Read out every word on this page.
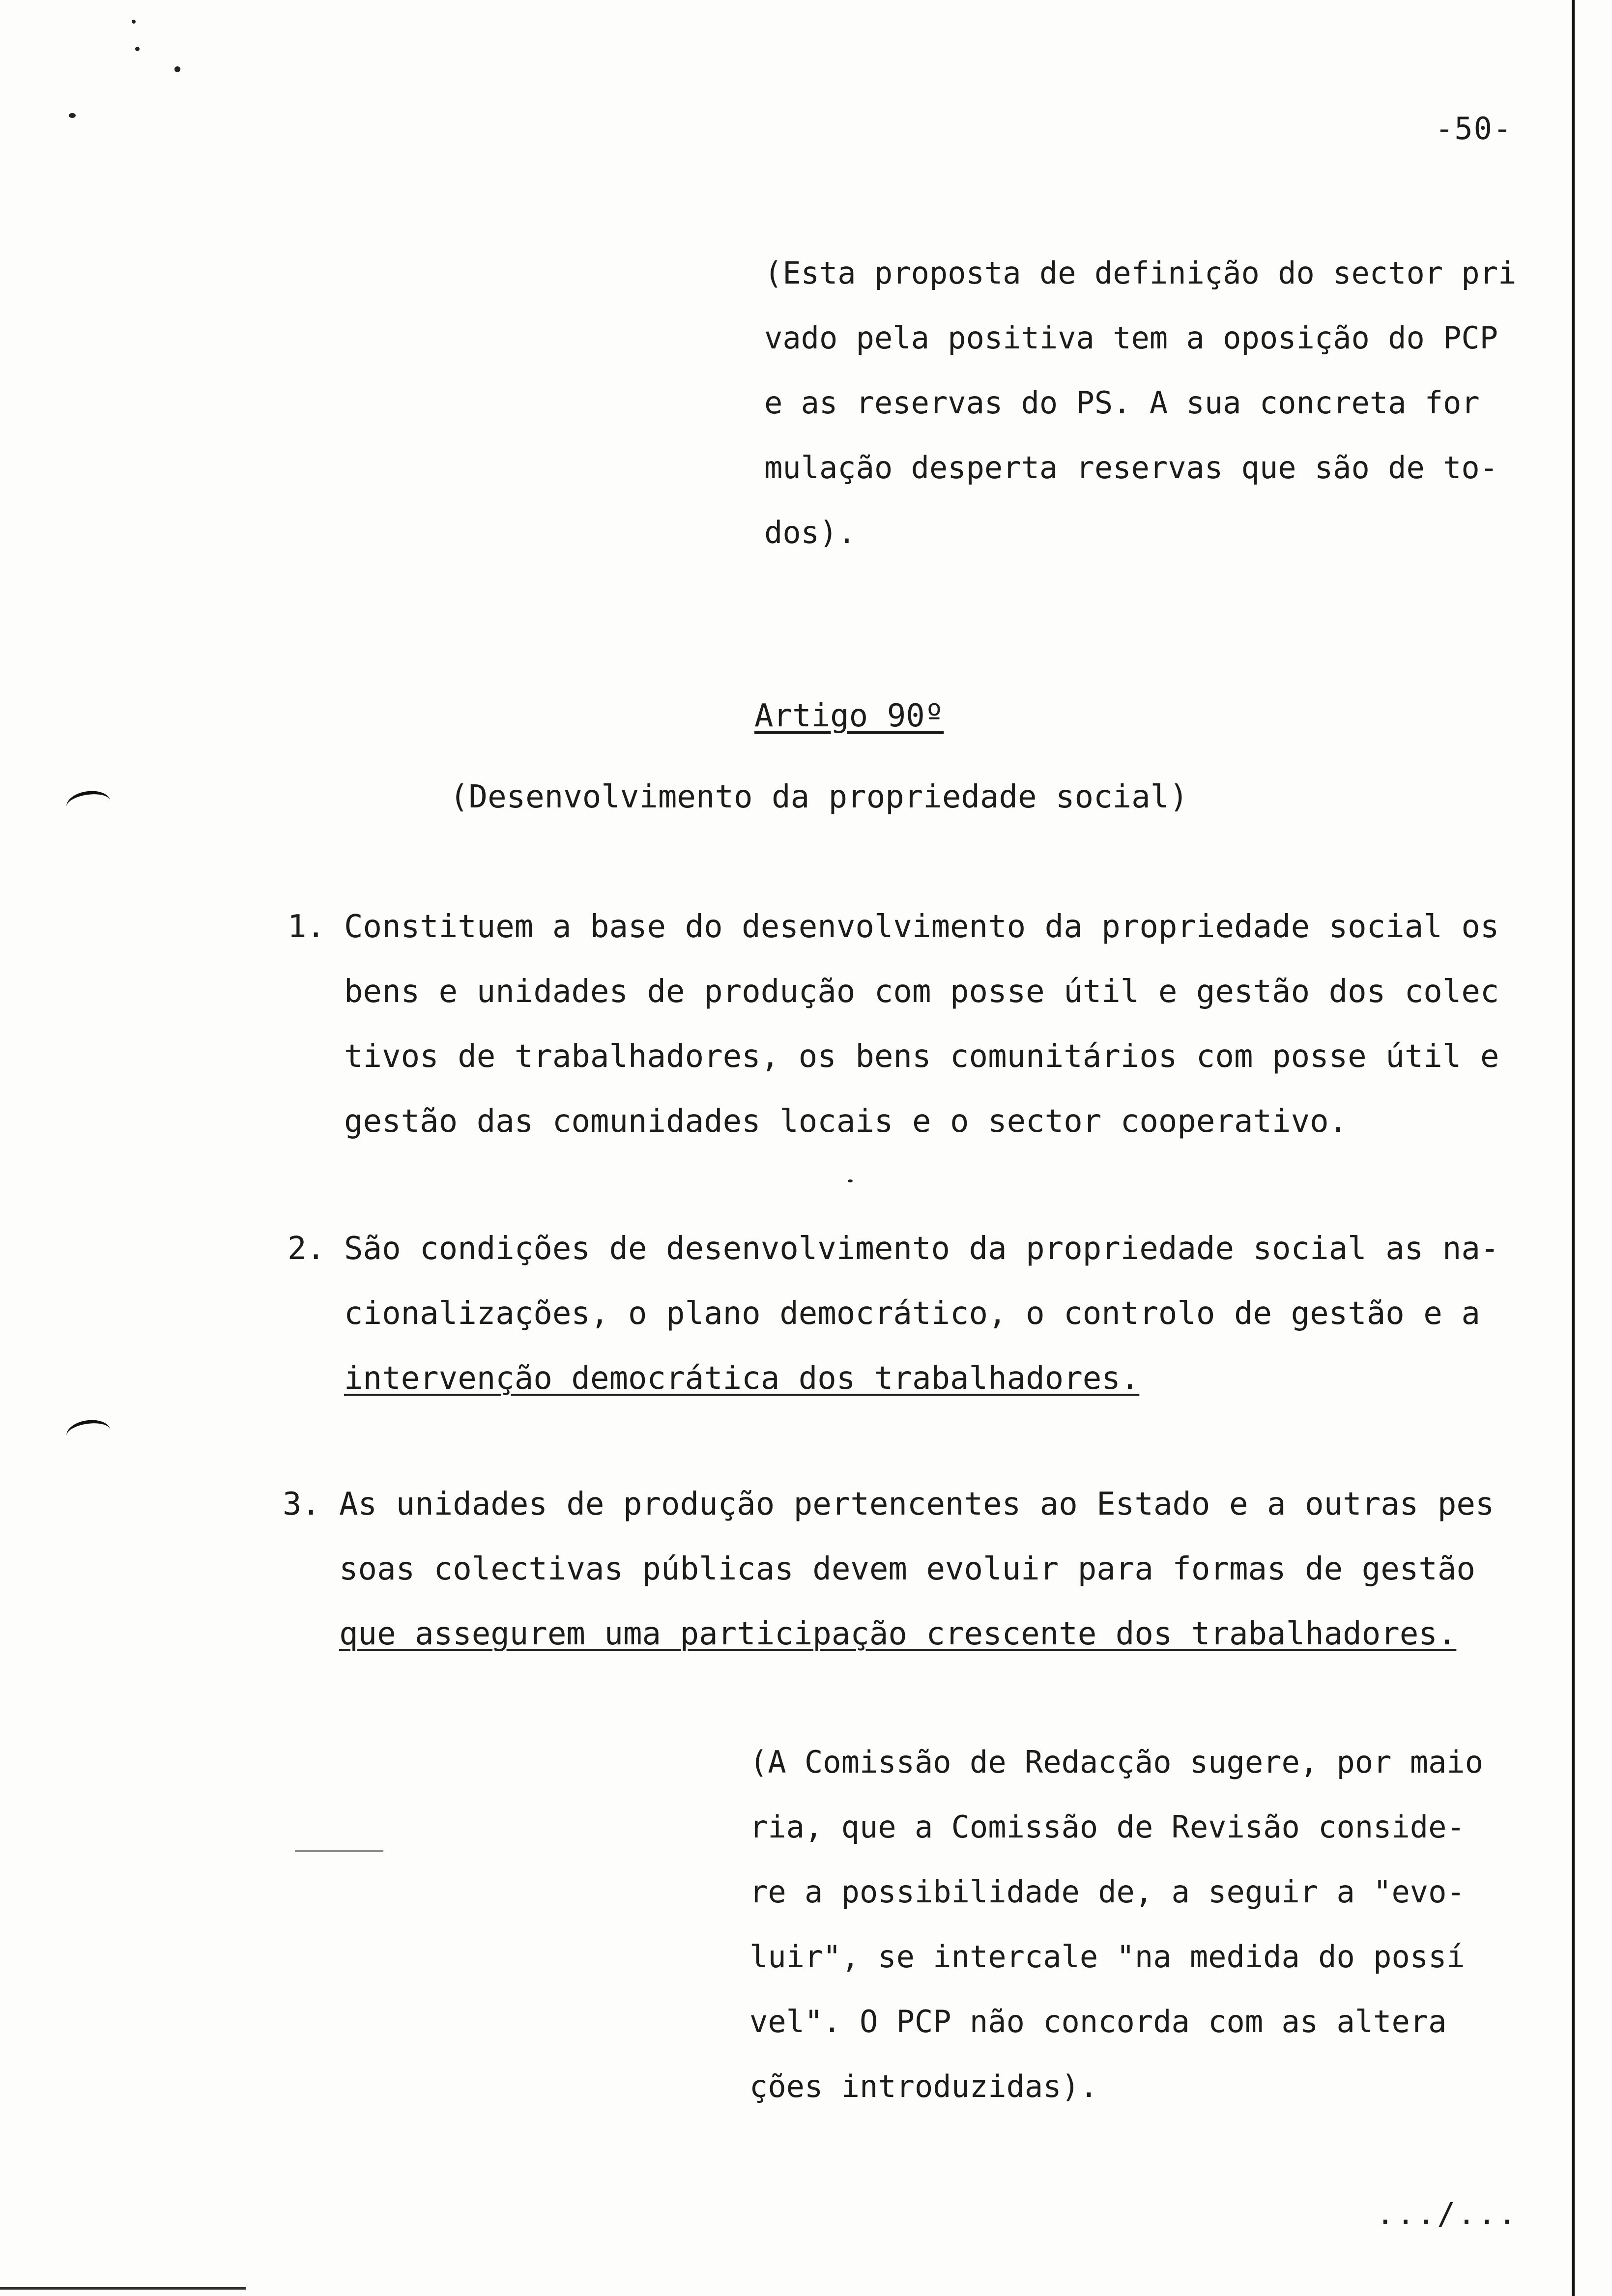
-50-
(Esta proposta de definição do sector pri
vado pela positiva tem a oposição do PCP
e as reservas do PS. A sua concreta for
mulação desperta reservas que são de to-
dos).
Artigo 90º
(Desenvolvimento da propriedade social)
1. Constituem a base do desenvolvimento da propriedade social os
bens e unidades de produção com posse útil e gestão dos colec
tivos de trabalhadores, os bens comunitários com posse útil e
gestão das comunidades locais e o sector cooperativo.
2. São condições de desenvolvimento da propriedade social as na-
cionalizações, o plano democrático, o controlo de gestão e a
intervenção democrática dos trabalhadores.
3. As unidades de produção pertencentes ao Estado e a outras pes
soas colectivas públicas devem evoluir para formas de gestão
que assegurem uma participação crescente dos trabalhadores.
(A Comissão de Redacção sugere, por maio
ria, que a Comissão de Revisão conside-
re a possibilidade de, a seguir a "evo-
luir", se intercale "na medida do possí
vel". O PCP não concorda com as altera
ções introduzidas).
.../...
